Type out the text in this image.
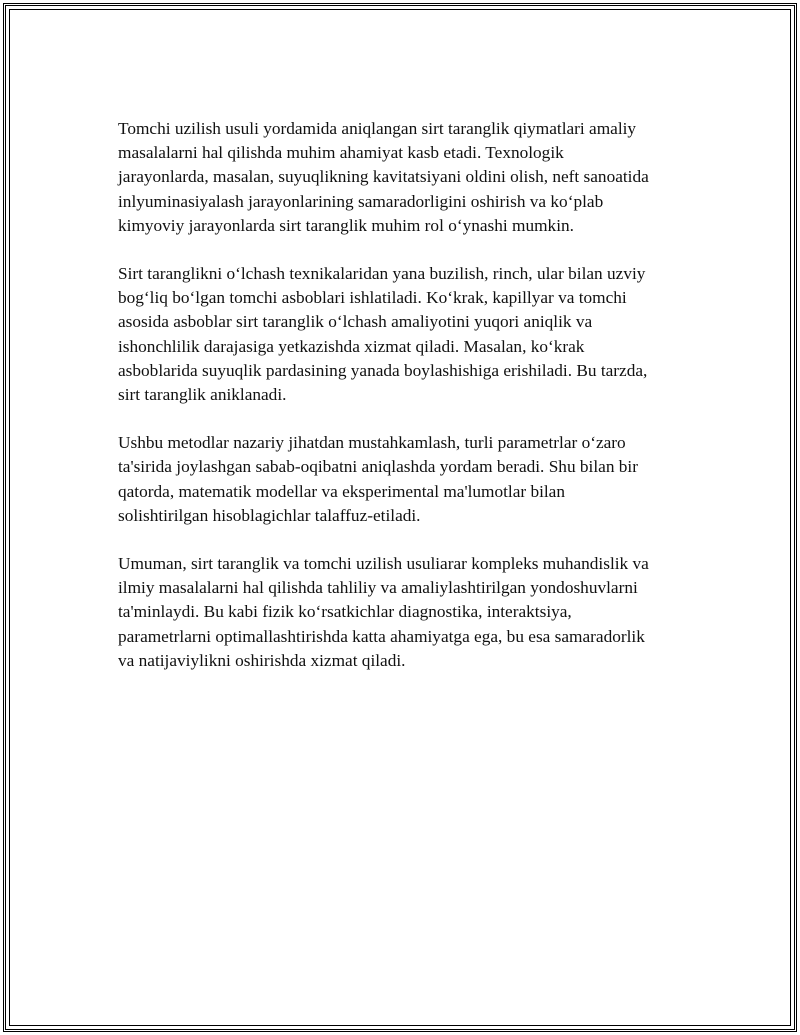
Tomchi uzilish usuli yordamida aniqlangan sirt taranglik qiymatlari amaliy
masalalarni hal qilishda muhim ahamiyat kasb etadi. Texnologik
jarayonlarda, masalan, suyuqlikning kavitatsiyani oldini olish, neft sanoatida
inlyuminasiyalash jarayonlarining samaradorligini oshirish va ko‘plab
kimyoviy jarayonlarda sirt taranglik muhim rol o‘ynashi mumkin.

Sirt taranglikni o‘lchash texnikalaridan yana buzilish, rinch, ular bilan uzviy
bog‘liq bo‘lgan tomchi asboblari ishlatiladi. Ko‘krak, kapillyar va tomchi
asosida asboblar sirt taranglik o‘lchash amaliyotini yuqori aniqlik va
ishonchlilik darajasiga yetkazishda xizmat qiladi. Masalan, ko‘krak
asboblarida suyuqlik pardasining yanada boylashishiga erishiladi. Bu tarzda,
sirt taranglik aniklanadi.

Ushbu metodlar nazariy jihatdan mustahkamlash, turli parametrlar o‘zaro
ta'sirida joylashgan sabab-oqibatni aniqlashda yordam beradi. Shu bilan bir
qatorda, matematik modellar va eksperimental ma'lumotlar bilan
solishtirilgan hisoblagichlar talaffuz-etiladi.

Umuman, sirt taranglik va tomchi uzilish usuliarar kompleks muhandislik va
ilmiy masalalarni hal qilishda tahliliy va amaliylashtirilgan yondoshuvlarni
ta'minlaydi. Bu kabi fizik ko‘rsatkichlar diagnostika, interaktsiya,
parametrlarni optimallashtirishda katta ahamiyatga ega, bu esa samaradorlik
va natijaviylikni oshirishda xizmat qiladi.
